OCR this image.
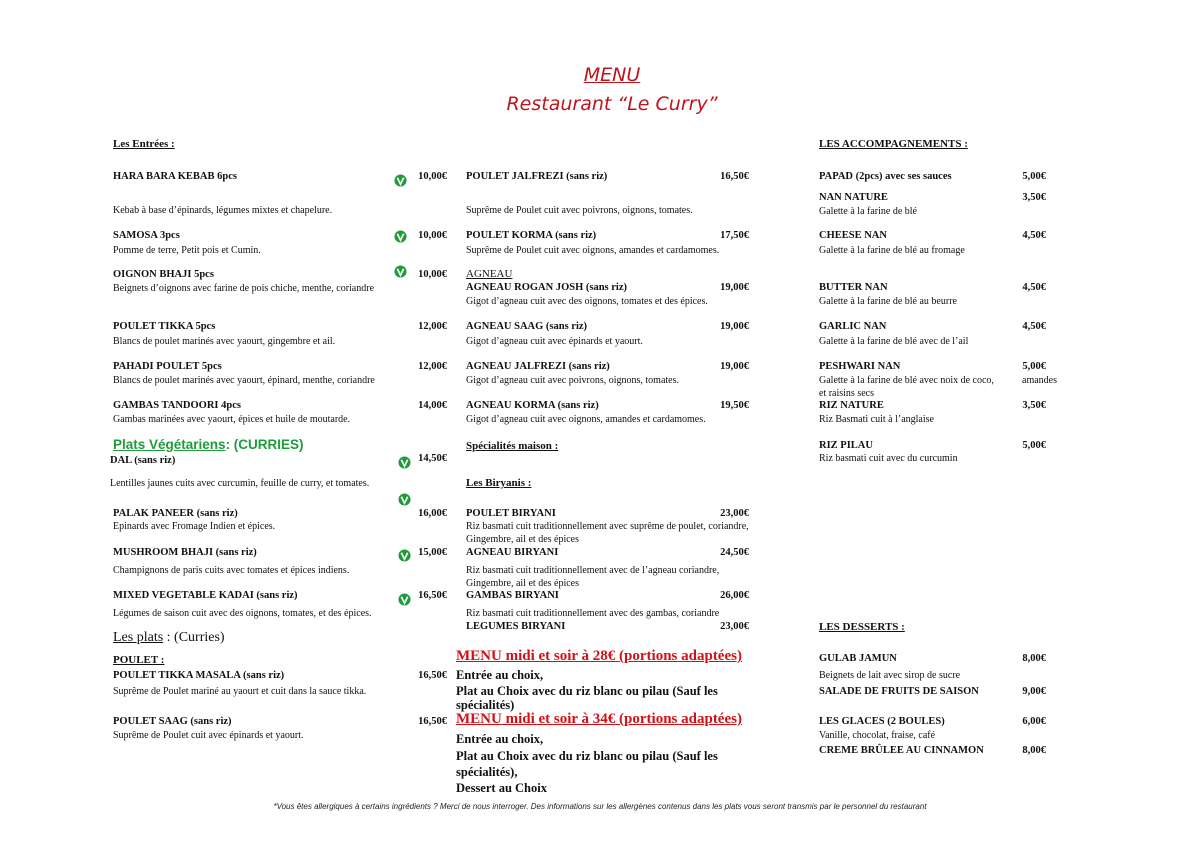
MENU
Restaurant “Le Curry”
Les Entrées :
HARA BARA KEBAB 6pcs	10,00€
Kebab à base d’épinards, légumes mixtes et chapelure.
SAMOSA 3pcs	10,00€
Pomme de terre, Petit pois et Cumin.
OIGNON BHAJI 5pcs	10,00€
Beignets d’oignons avec farine de pois chiche, menthe, coriandre
POULET TIKKA 5pcs	12,00€
Blancs de poulet marinés avec yaourt, gingembre et ail.
PAHADI POULET 5pcs	12,00€
Blancs de poulet marinés avec yaourt, épinard, menthe, coriandre
GAMBAS TANDOORI 4pcs	14,00€
Gambas marinées avec yaourt, épices et huile de moutarde.
Plats Végétariens: (CURRIES)
DAL (sans riz)	14,50€
Lentilles jaunes cuits avec curcumin, feuille de curry, et tomates.
PALAK PANEER (sans riz)	16,00€
Epinards avec Fromage Indien et épices.
MUSHROOM BHAJI (sans riz)	15,00€
Champignons de paris cuits avec tomates et épices indiens.
MIXED VEGETABLE KADAI (sans riz)	16,50€
Légumes de saison cuit avec des oignons, tomates, et des épices.
Les plats : (Curries)
POULET :
POULET TIKKA MASALA (sans riz)	16,50€
Suprême de Poulet mariné au yaourt et cuit dans la sauce tikka.
POULET SAAG (sans riz)	16,50€
Suprême de Poulet cuit avec épinards et yaourt.
POULET JALFREZI (sans riz)	16,50€
Suprême de Poulet cuit avec poivrons, oignons, tomates.
POULET KORMA (sans riz)	17,50€
Suprême de Poulet cuit avec oignons, amandes et cardamomes.
AGNEAU
AGNEAU ROGAN JOSH (sans riz)	19,00€
Gigot d’agneau cuit avec des oignons, tomates et des épices.
AGNEAU SAAG (sans riz)	19,00€
Gigot d’agneau cuit avec épinards et yaourt.
AGNEAU JALFREZI (sans riz)	19,00€
Gigot d’agneau cuit avec poivrons, oignons, tomates.
AGNEAU KORMA (sans riz)	19,50€
Gigot d’agneau cuit avec oignons, amandes et cardamomes.
Spécialités maison :
Les Biryanis :
POULET BIRYANI	23,00€
Riz basmati cuit traditionnellement avec suprême de poulet, coriandre,
Gingembre, ail et des épices
AGNEAU BIRYANI	24,50€
Riz basmati cuit traditionnellement avec de l’agneau coriandre,
Gingembre, ail et des épices
GAMBAS BIRYANI	26,00€
Riz basmati cuit traditionnellement avec des gambas, coriandre
LEGUMES BIRYANI	23,00€
MENU midi et soir à 28€ (portions adaptées)
Entrée au choix,
Plat au Choix avec du riz blanc ou pilau (Sauf les
spécialités)
MENU midi et soir à 34€ (portions adaptées)
Entrée au choix,
Plat au Choix avec du riz blanc ou pilau (Sauf les
spécialités),
Dessert au Choix
LES ACCOMPAGNEMENTS :
PAPAD (2pcs) avec ses sauces	5,00€
NAN NATURE	3,50€
Galette à la farine de blé
CHEESE NAN	4,50€
Galette à la farine de blé au fromage
BUTTER NAN	4,50€
Galette à la farine de blé au beurre
GARLIC NAN	4,50€
Galette à la farine de blé avec de l’ail
PESHWARI NAN	5,00€
Galette à la farine de blé avec noix de coco,	amandes
et raisins secs
RIZ NATURE	3,50€
Riz Basmati cuit à l’anglaise
RIZ PILAU	5,00€
Riz basmati cuit avec du curcumin
LES DESSERTS :
GULAB JAMUN	8,00€
Beignets de lait avec sirop de sucre
SALADE DE FRUITS DE SAISON	9,00€
LES GLACES (2 BOULES)	6,00€
Vanille, chocolat, fraise, café
CREME BRÛLEE AU CINNAMON	8,00€
*Vous êtes allergiques à certains ingrédients ? Merci de nous interroger. Des informations sur les allergènes contenus dans les plats vous seront transmis par le personnel du restaurant
